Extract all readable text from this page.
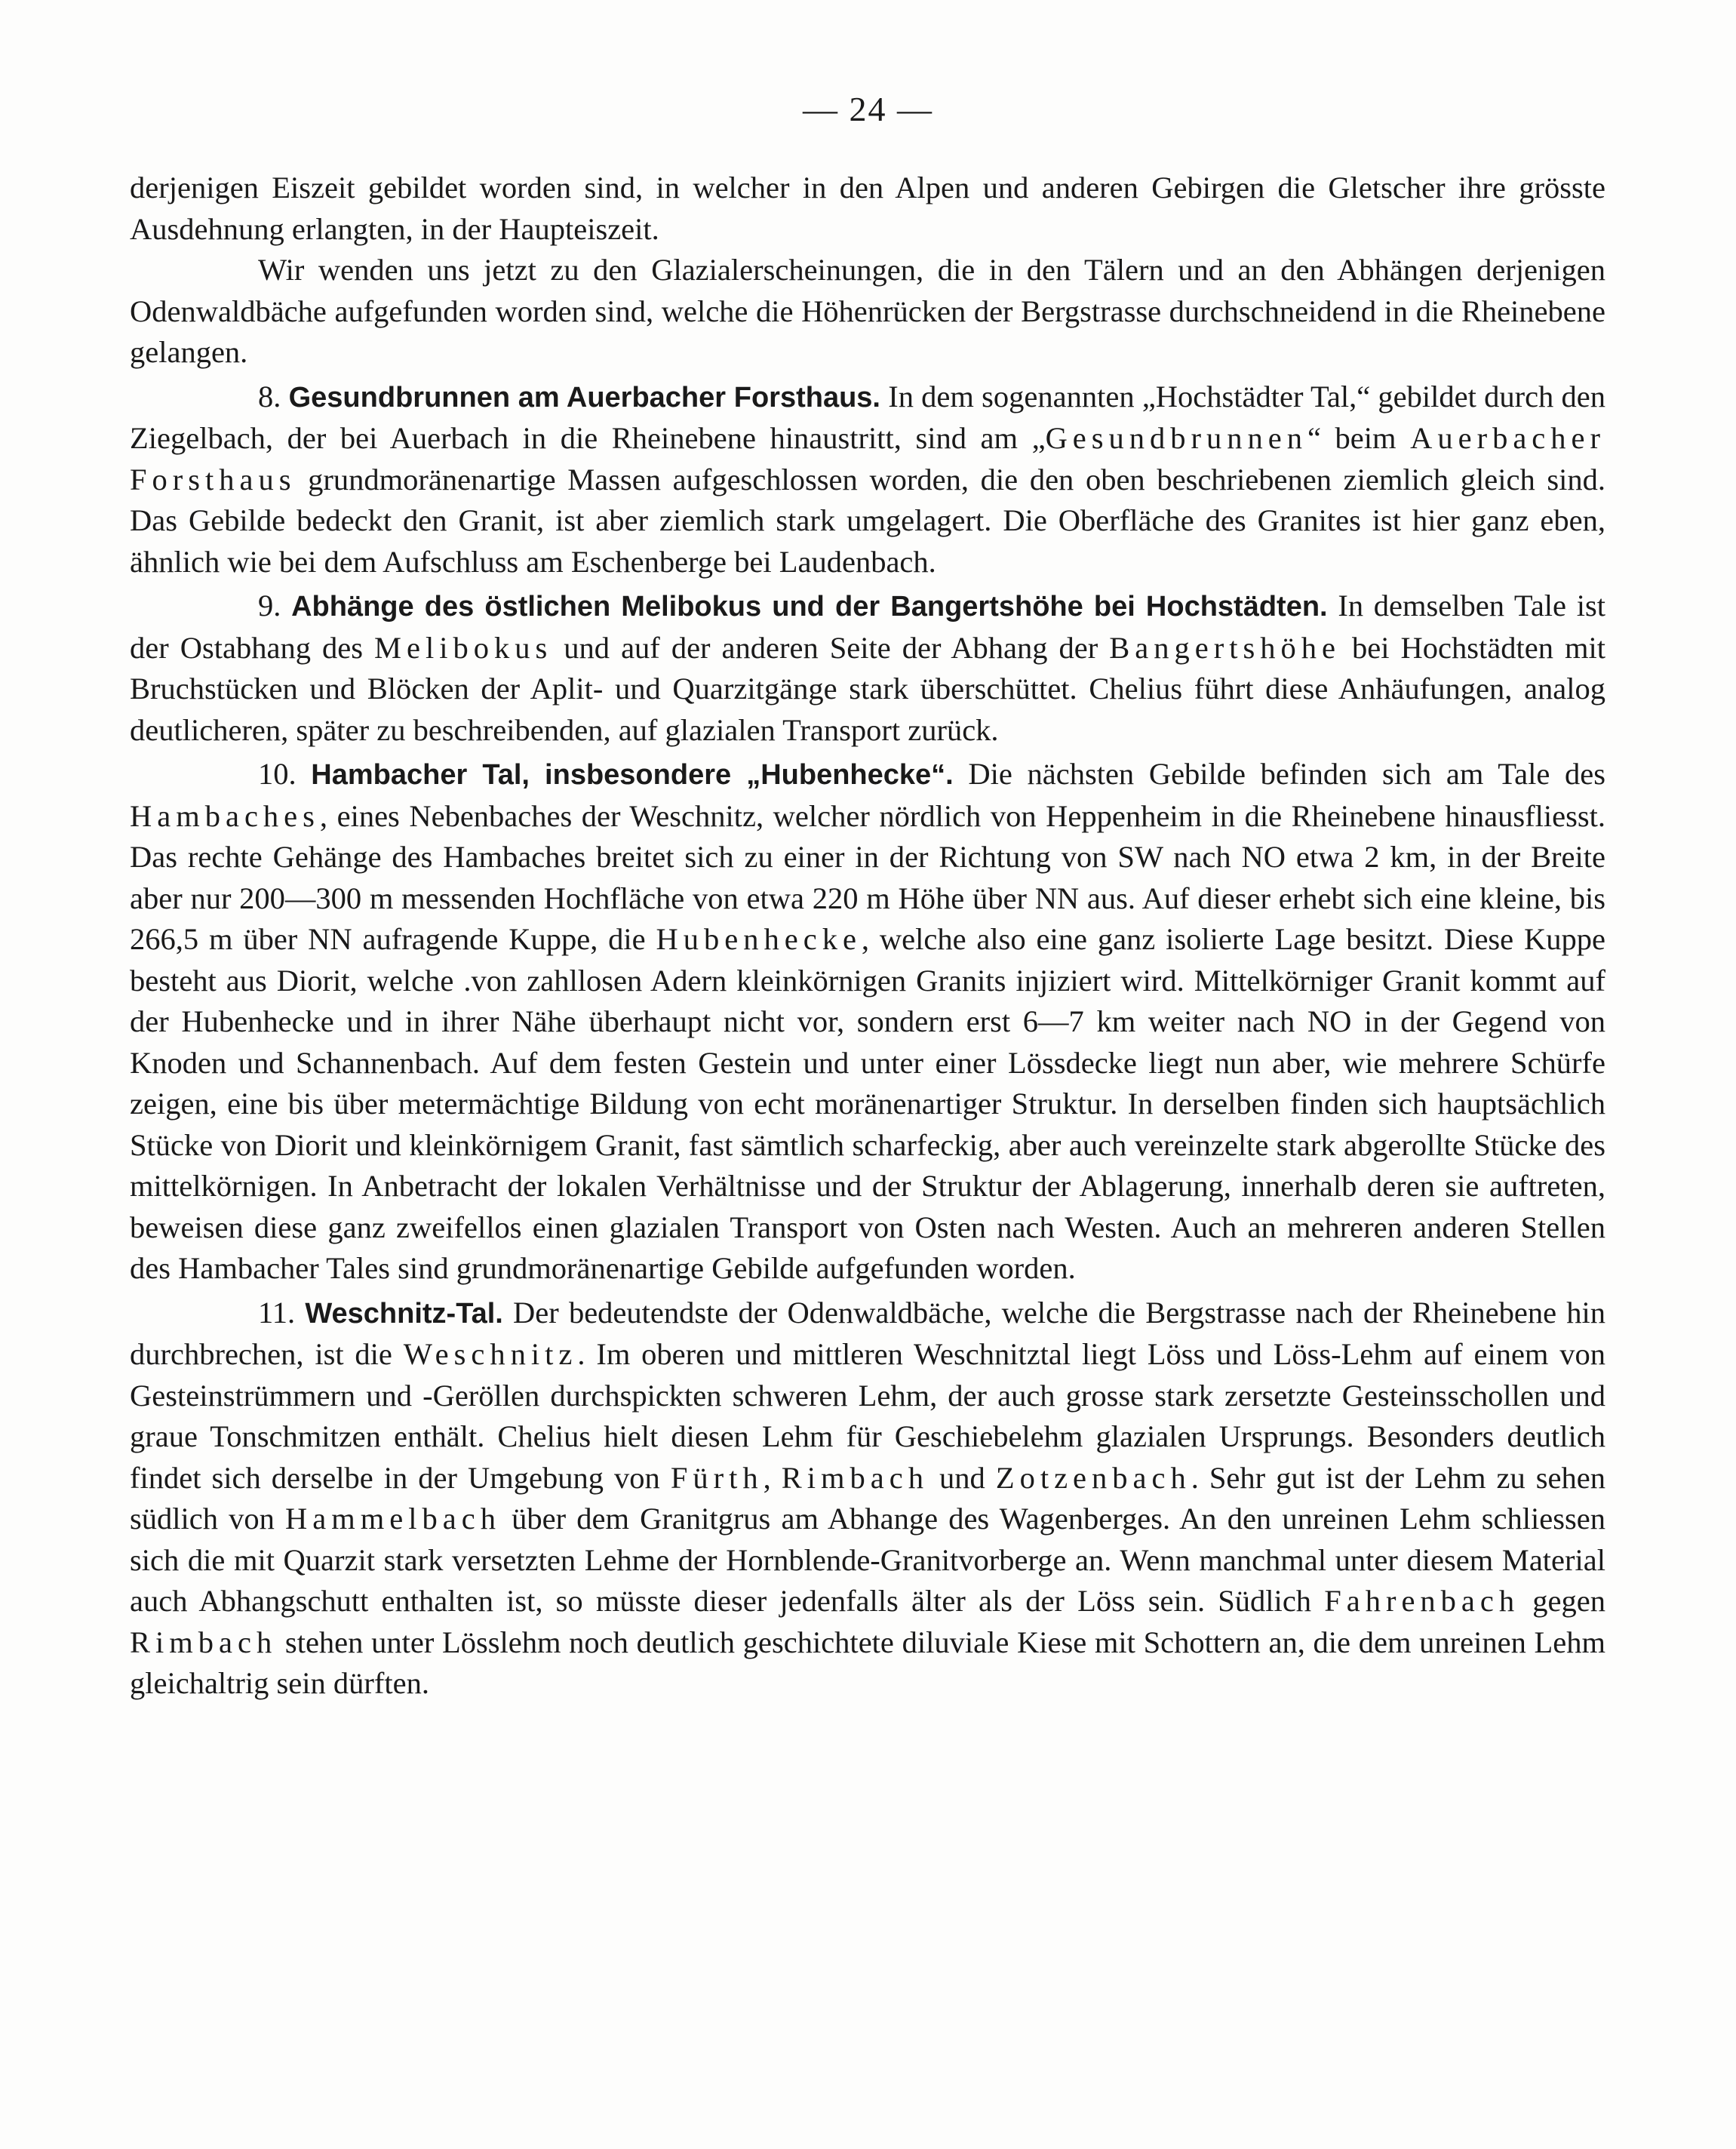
— 24 —

derjenigen Eiszeit gebildet worden sind, in welcher in den Alpen und anderen Gebirgen die Gletscher ihre grösste Ausdehnung erlangten, in der Haupteiszeit.

Wir wenden uns jetzt zu den Glazialerscheinungen, die in den Tälern und an den Abhängen derjenigen Odenwaldbäche aufgefunden worden sind, welche die Höhenrücken der Bergstrasse durchschneidend in die Rheinebene gelangen.

8. Gesundbrunnen am Auerbacher Forsthaus. In dem sogenannten „Hochstädter Tal,“ gebildet durch den Ziegelbach, der bei Auerbach in die Rheinebene hinaustritt, sind am „Gesundbrunnen“ beim Auerbacher Forsthaus grundmoränenartige Massen aufgeschlossen worden, die den oben beschriebenen ziemlich gleich sind. Das Gebilde bedeckt den Granit, ist aber ziemlich stark umgelagert. Die Oberfläche des Granites ist hier ganz eben, ähnlich wie bei dem Aufschluss am Eschenberge bei Laudenbach.

9. Abhänge des östlichen Melibokus und der Bangertshöhe bei Hochstädten. In demselben Tale ist der Ostabhang des Melibokus und auf der anderen Seite der Abhang der Bangertshöhe bei Hochstädten mit Bruchstücken und Blöcken der Aplit- und Quarzitgänge stark überschüttet. Chelius führt diese Anhäufungen, analog deutlicheren, später zu beschreibenden, auf glazialen Transport zurück.

10. Hambacher Tal, insbesondere „Hubenhecke“. Die nächsten Gebilde befinden sich am Tale des Hambaches, eines Nebenbaches der Weschnitz, welcher nördlich von Heppenheim in die Rheinebene hinausfliesst. Das rechte Gehänge des Hambaches breitet sich zu einer in der Richtung von SW nach NO etwa 2 km, in der Breite aber nur 200—300 m messenden Hochfläche von etwa 220 m Höhe über NN aus. Auf dieser erhebt sich eine kleine, bis 266,5 m über NN aufragende Kuppe, die Hubenhecke, welche also eine ganz isolierte Lage besitzt. Diese Kuppe besteht aus Diorit, welche .von zahllosen Adern kleinkörnigen Granits injiziert wird. Mittelkörniger Granit kommt auf der Hubenhecke und in ihrer Nähe überhaupt nicht vor, sondern erst 6—7 km weiter nach NO in der Gegend von Knoden und Schannenbach. Auf dem festen Gestein und unter einer Lössdecke liegt nun aber, wie mehrere Schürfe zeigen, eine bis über metermächtige Bildung von echt moränenartiger Struktur. In derselben finden sich hauptsächlich Stücke von Diorit und kleinkörnigem Granit, fast sämtlich scharfeckig, aber auch vereinzelte stark abgerollte Stücke des mittelkörnigen. In Anbetracht der lokalen Verhältnisse und der Struktur der Ablagerung, innerhalb deren sie auftreten, beweisen diese ganz zweifellos einen glazialen Transport von Osten nach Westen. Auch an mehreren anderen Stellen des Hambacher Tales sind grundmoränenartige Gebilde aufgefunden worden.

11. Weschnitz-Tal. Der bedeutendste der Odenwaldbäche, welche die Bergstrasse nach der Rheinebene hin durchbrechen, ist die Weschnitz. Im oberen und mittleren Weschnitztal liegt Löss und Löss-Lehm auf einem von Gesteinstrümmern und -Geröllen durchspickten schweren Lehm, der auch grosse stark zersetzte Gesteinsschollen und graue Tonschmitzen enthält. Chelius hielt diesen Lehm für Geschiebelehm glazialen Ursprungs. Besonders deutlich findet sich derselbe in der Umgebung von Fürth, Rimbach und Zotzenbach. Sehr gut ist der Lehm zu sehen südlich von Hammelbach über dem Granitgrus am Abhange des Wagenberges. An den unreinen Lehm schliessen sich die mit Quarzit stark versetzten Lehme der Hornblende-Granitvorberge an. Wenn manchmal unter diesem Material auch Abhangschutt enthalten ist, so müsste dieser jedenfalls älter als der Löss sein. Südlich Fahrenbach gegen Rimbach stehen unter Lösslehm noch deutlich geschichtete diluviale Kiese mit Schottern an, die dem unreinen Lehm gleichaltrig sein dürften.
